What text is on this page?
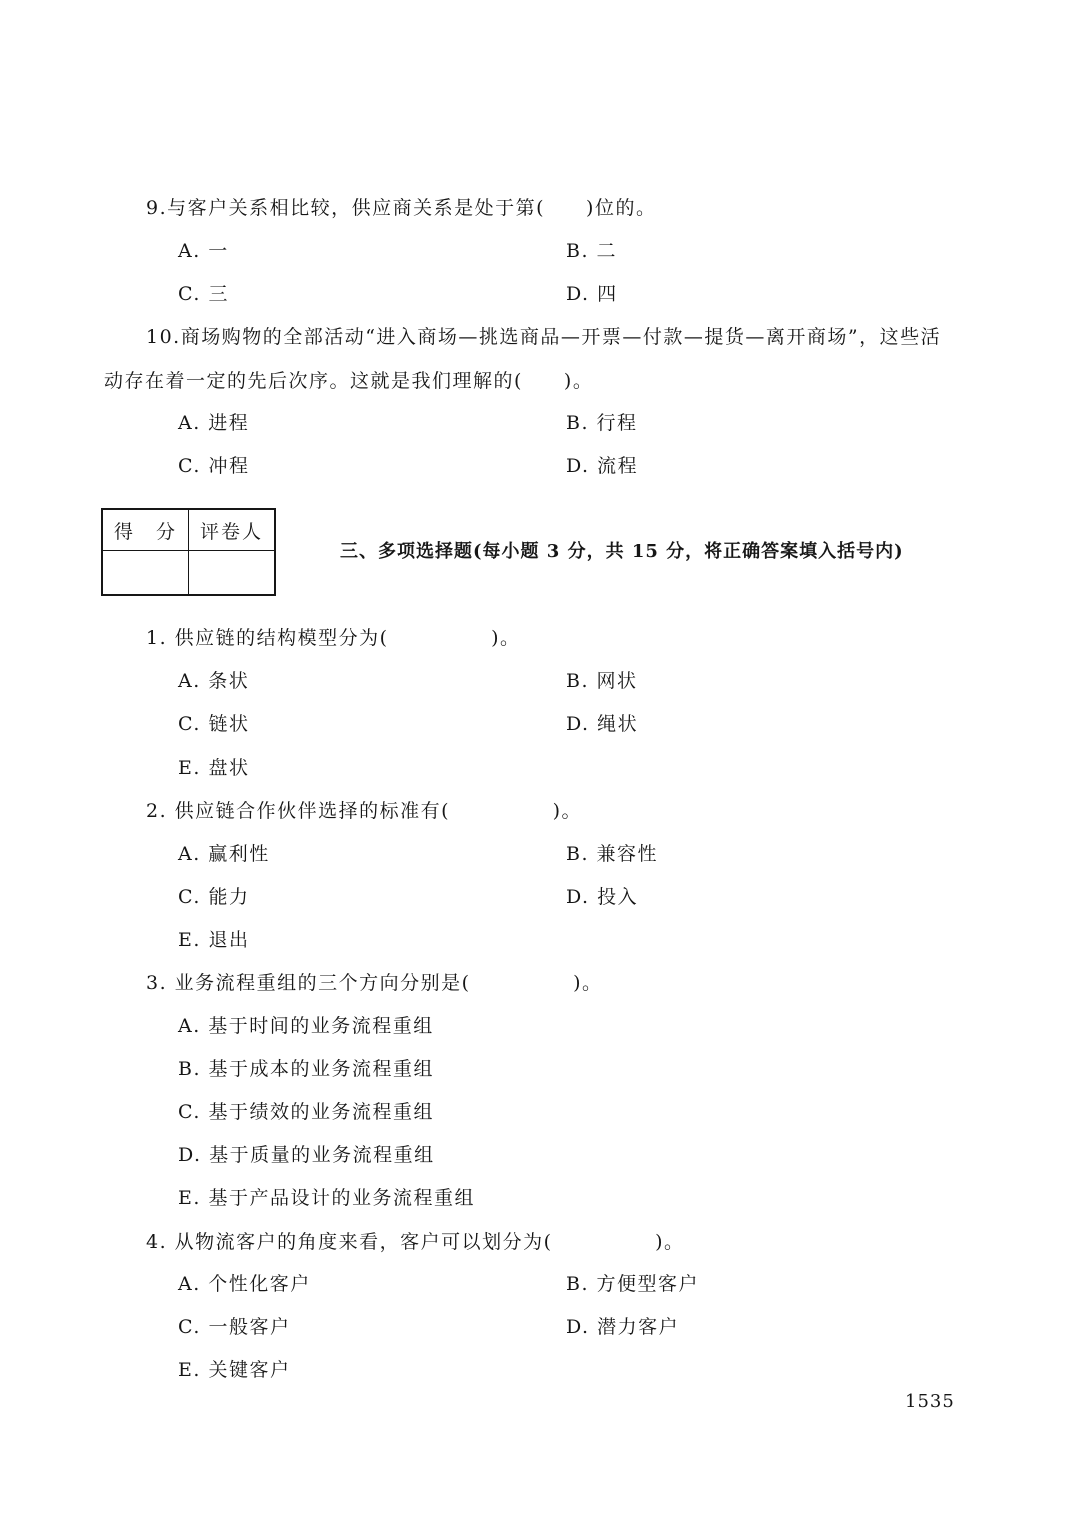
9.与客户关系相比较，供应商关系是处于第(　　)位的。
A. 一	B. 二
C. 三	D. 四
10.商场购物的全部活动“进入商场—挑选商品—开票—付款—提货—离开商场”，这些活
动存在着一定的先后次序。这就是我们理解的(　　)。
A. 进程	B. 行程
C. 冲程	D. 流程
得　分	评卷人

三、多项选择题(每小题 3 分，共 15 分，将正确答案填入括号内)
1. 供应链的结构模型分为(　　　　　)。
A. 条状	B. 网状
C. 链状	D. 绳状
E. 盘状
2. 供应链合作伙伴选择的标准有(　　　　　)。
A. 赢利性	B. 兼容性
C. 能力	D. 投入
E. 退出
3. 业务流程重组的三个方向分别是(　　　　　)。
A. 基于时间的业务流程重组
B. 基于成本的业务流程重组
C. 基于绩效的业务流程重组
D. 基于质量的业务流程重组
E. 基于产品设计的业务流程重组
4. 从物流客户的角度来看，客户可以划分为(　　　　　)。
A. 个性化客户	B. 方便型客户
C. 一般客户	D. 潜力客户
E. 关键客户
1535
